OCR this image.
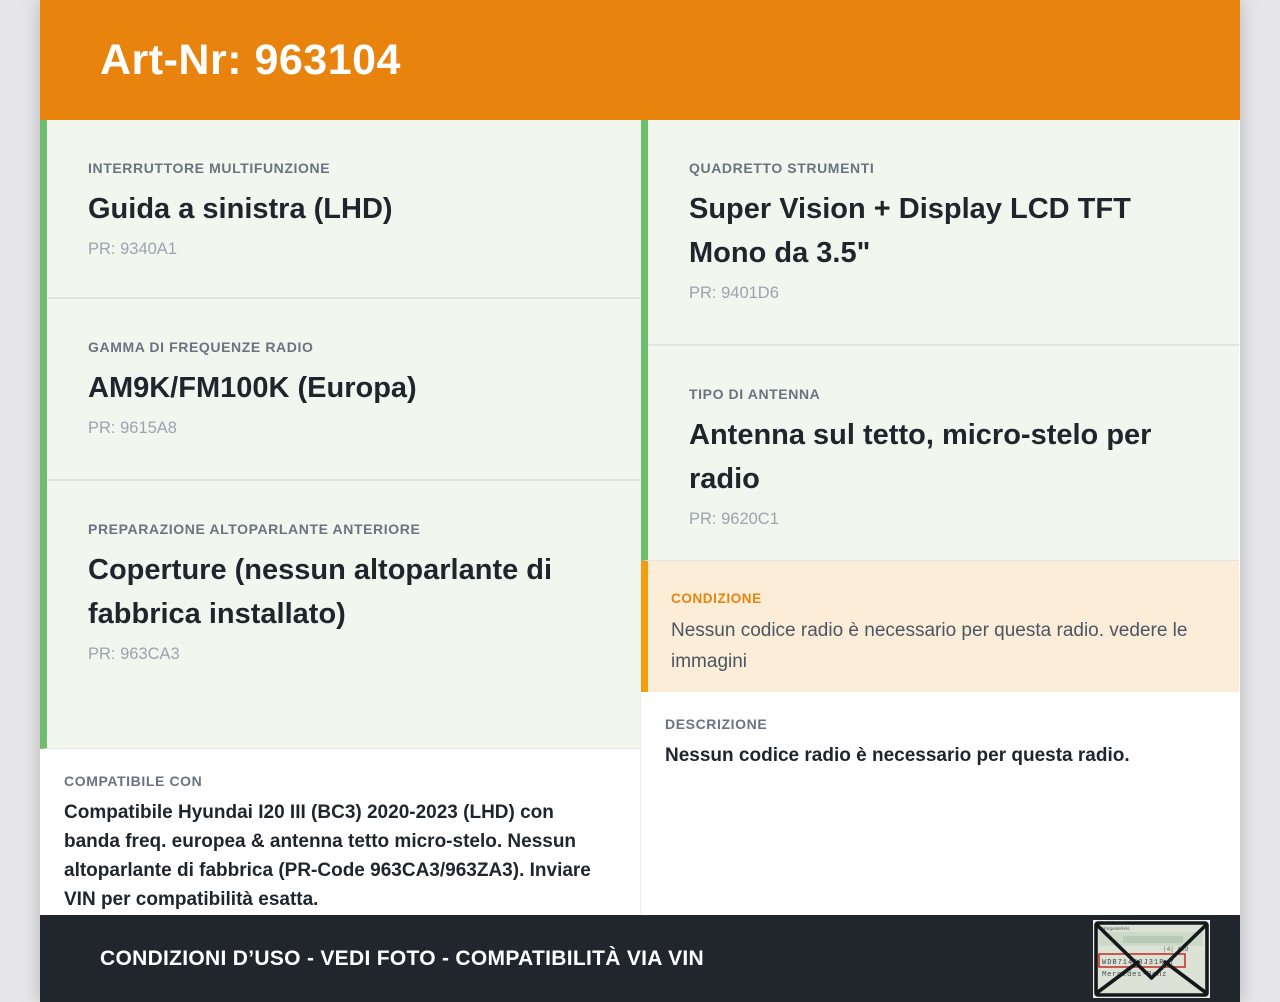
Art-Nr: 963104
INTERRUTTORE MULTIFUNZIONE
Guida a sinistra (LHD)
PR: 9340A1
GAMMA DI FREQUENZE RADIO
AM9K/FM100K (Europa)
PR: 9615A8
PREPARAZIONE ALTOPARLANTE ANTERIORE
Coperture (nessun altoparlante di fabbrica installato)
PR: 963CA3
COMPATIBILE CON

Compatibile Hyundai I20 III (BC3) 2020-2023 (LHD) con banda freq. europea & antenna tetto micro-stelo. Nessun altoparlante di fabbrica (PR-Code 963CA3/963ZA3). Inviare VIN per compatibilità esatta.

QUADRETTO STRUMENTI
Super Vision + Display LCD TFT Mono da 3.5"
PR: 9401D6
TIPO DI ANTENNA
Antenna sul tetto, micro-stelo per radio
PR: 9620C1
CONDIZIONE

Nessun codice radio è necessario per questa radio. vedere le immagini

DESCRIZIONE

Nessun codice radio è necessario per questa radio.

CONDIZIONI D’USO - VEDI FOTO - COMPATIBILITÀ VIA VIN
Fahrgestell-Nr.
|4| Ald
WDB71463J31R 7
Mercedes-Benz
